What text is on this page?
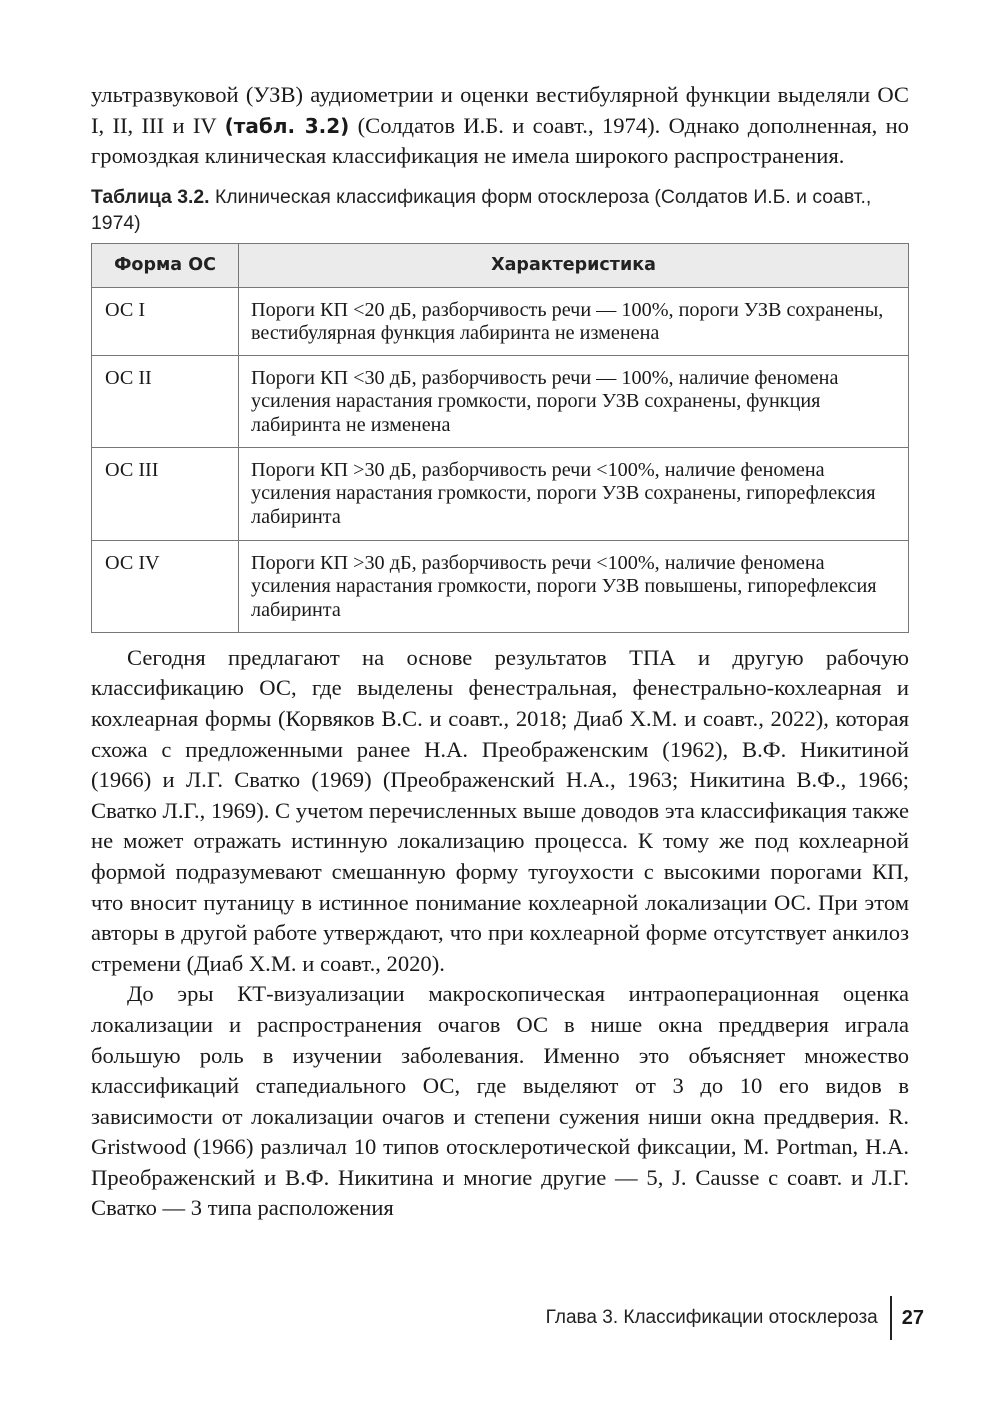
ультразвуковой (УЗВ) аудиометрии и оценки вестибулярной функции выделяли ОС I, II, III и IV (табл. 3.2) (Солдатов И.Б. и соавт., 1974). Однако дополненная, но громоздкая клиническая классификация не имела широкого распространения.

Таблица 3.2. Клиническая классификация форм отосклероза (Солдатов И.Б. и соавт., 1974)
Форма ОС	Характеристика
ОС I	Пороги КП <20 дБ, разборчивость речи — 100%, пороги УЗВ сохранены, вестибулярная функция лабиринта не изменена
ОС II	Пороги КП <30 дБ, разборчивость речи — 100%, наличие феномена усиления нарастания громкости, пороги УЗВ сохранены, функция лабиринта не изменена
ОС III	Пороги КП >30 дБ, разборчивость речи <100%, наличие феномена усиления нарастания громкости, пороги УЗВ сохранены, гипорефлексия лабиринта
ОС IV	Пороги КП >30 дБ, разборчивость речи <100%, наличие феномена усиления нарастания громкости, пороги УЗВ повышены, гипорефлексия лабиринта

Сегодня предлагают на основе результатов ТПА и другую рабочую классификацию ОС, где выделены фенестральная, фенестрально-кохлеарная и кохлеарная формы (Корвяков В.С. и соавт., 2018; Диаб Х.М. и соавт., 2022), которая схожа с предложенными ранее Н.А. Преображенским (1962), В.Ф. Никитиной (1966) и Л.Г. Сватко (1969) (Преображенский Н.А., 1963; Никитина В.Ф., 1966; Сватко Л.Г., 1969). С учетом перечисленных выше доводов эта классификация также не может отражать истинную локализацию процесса. К тому же под кохлеарной формой подразумевают смешанную форму тугоухости с высокими порогами КП, что вносит путаницу в истинное понимание кохлеарной локализации ОС. При этом авторы в другой работе утверждают, что при кохлеарной форме отсутствует анкилоз стремени (Диаб Х.М. и соавт., 2020).

До эры КТ-визуализации макроскопическая интраоперационная оценка локализации и распространения очагов ОС в нише окна преддверия играла большую роль в изучении заболевания. Именно это объясняет множество классификаций стапедиального ОС, где выделяют от 3 до 10 его видов в зависимости от локализации очагов и степени сужения ниши окна преддверия. R. Gristwood (1966) различал 10 типов отосклеротической фиксации, M. Portman, Н.А. Преображенский и В.Ф. Никитина и многие другие — 5, J. Causse с соавт. и Л.Г. Сватко — 3 типа расположения

Глава 3. Классификации отосклероза	27
